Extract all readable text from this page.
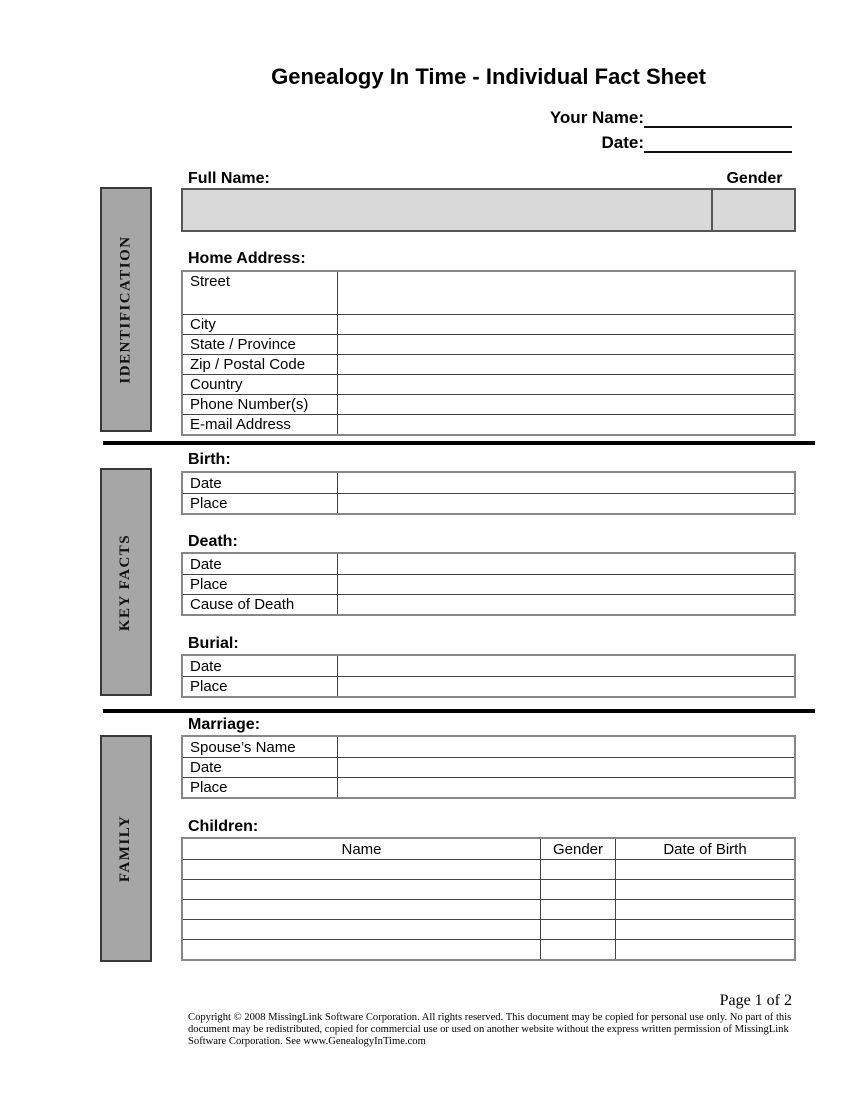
Genealogy In Time - Individual Fact Sheet
Your Name:
Date:
Full Name:	Gender
IDENTIFICATION	Home Address:
Street
City
State / Province
Zip / Postal Code
Country
Phone Number(s)
E-mail Address
KEY FACTS
Birth:
Date
Place
Death:
Date
Place
Cause of Death
Burial:
Date
Place
FAMILY
Marriage:
Spouse’s Name
Date
Place
Children:
Name	Gender	Date of Birth
Page 1 of 2
Copyright © 2008 MissingLink Software Corporation. All rights reserved. This document may be copied for personal use only. No part of this document may be redistributed, copied for commercial use or used on another website without the express written permission of MissingLink Software Corporation. See www.GenealogyInTime.com
